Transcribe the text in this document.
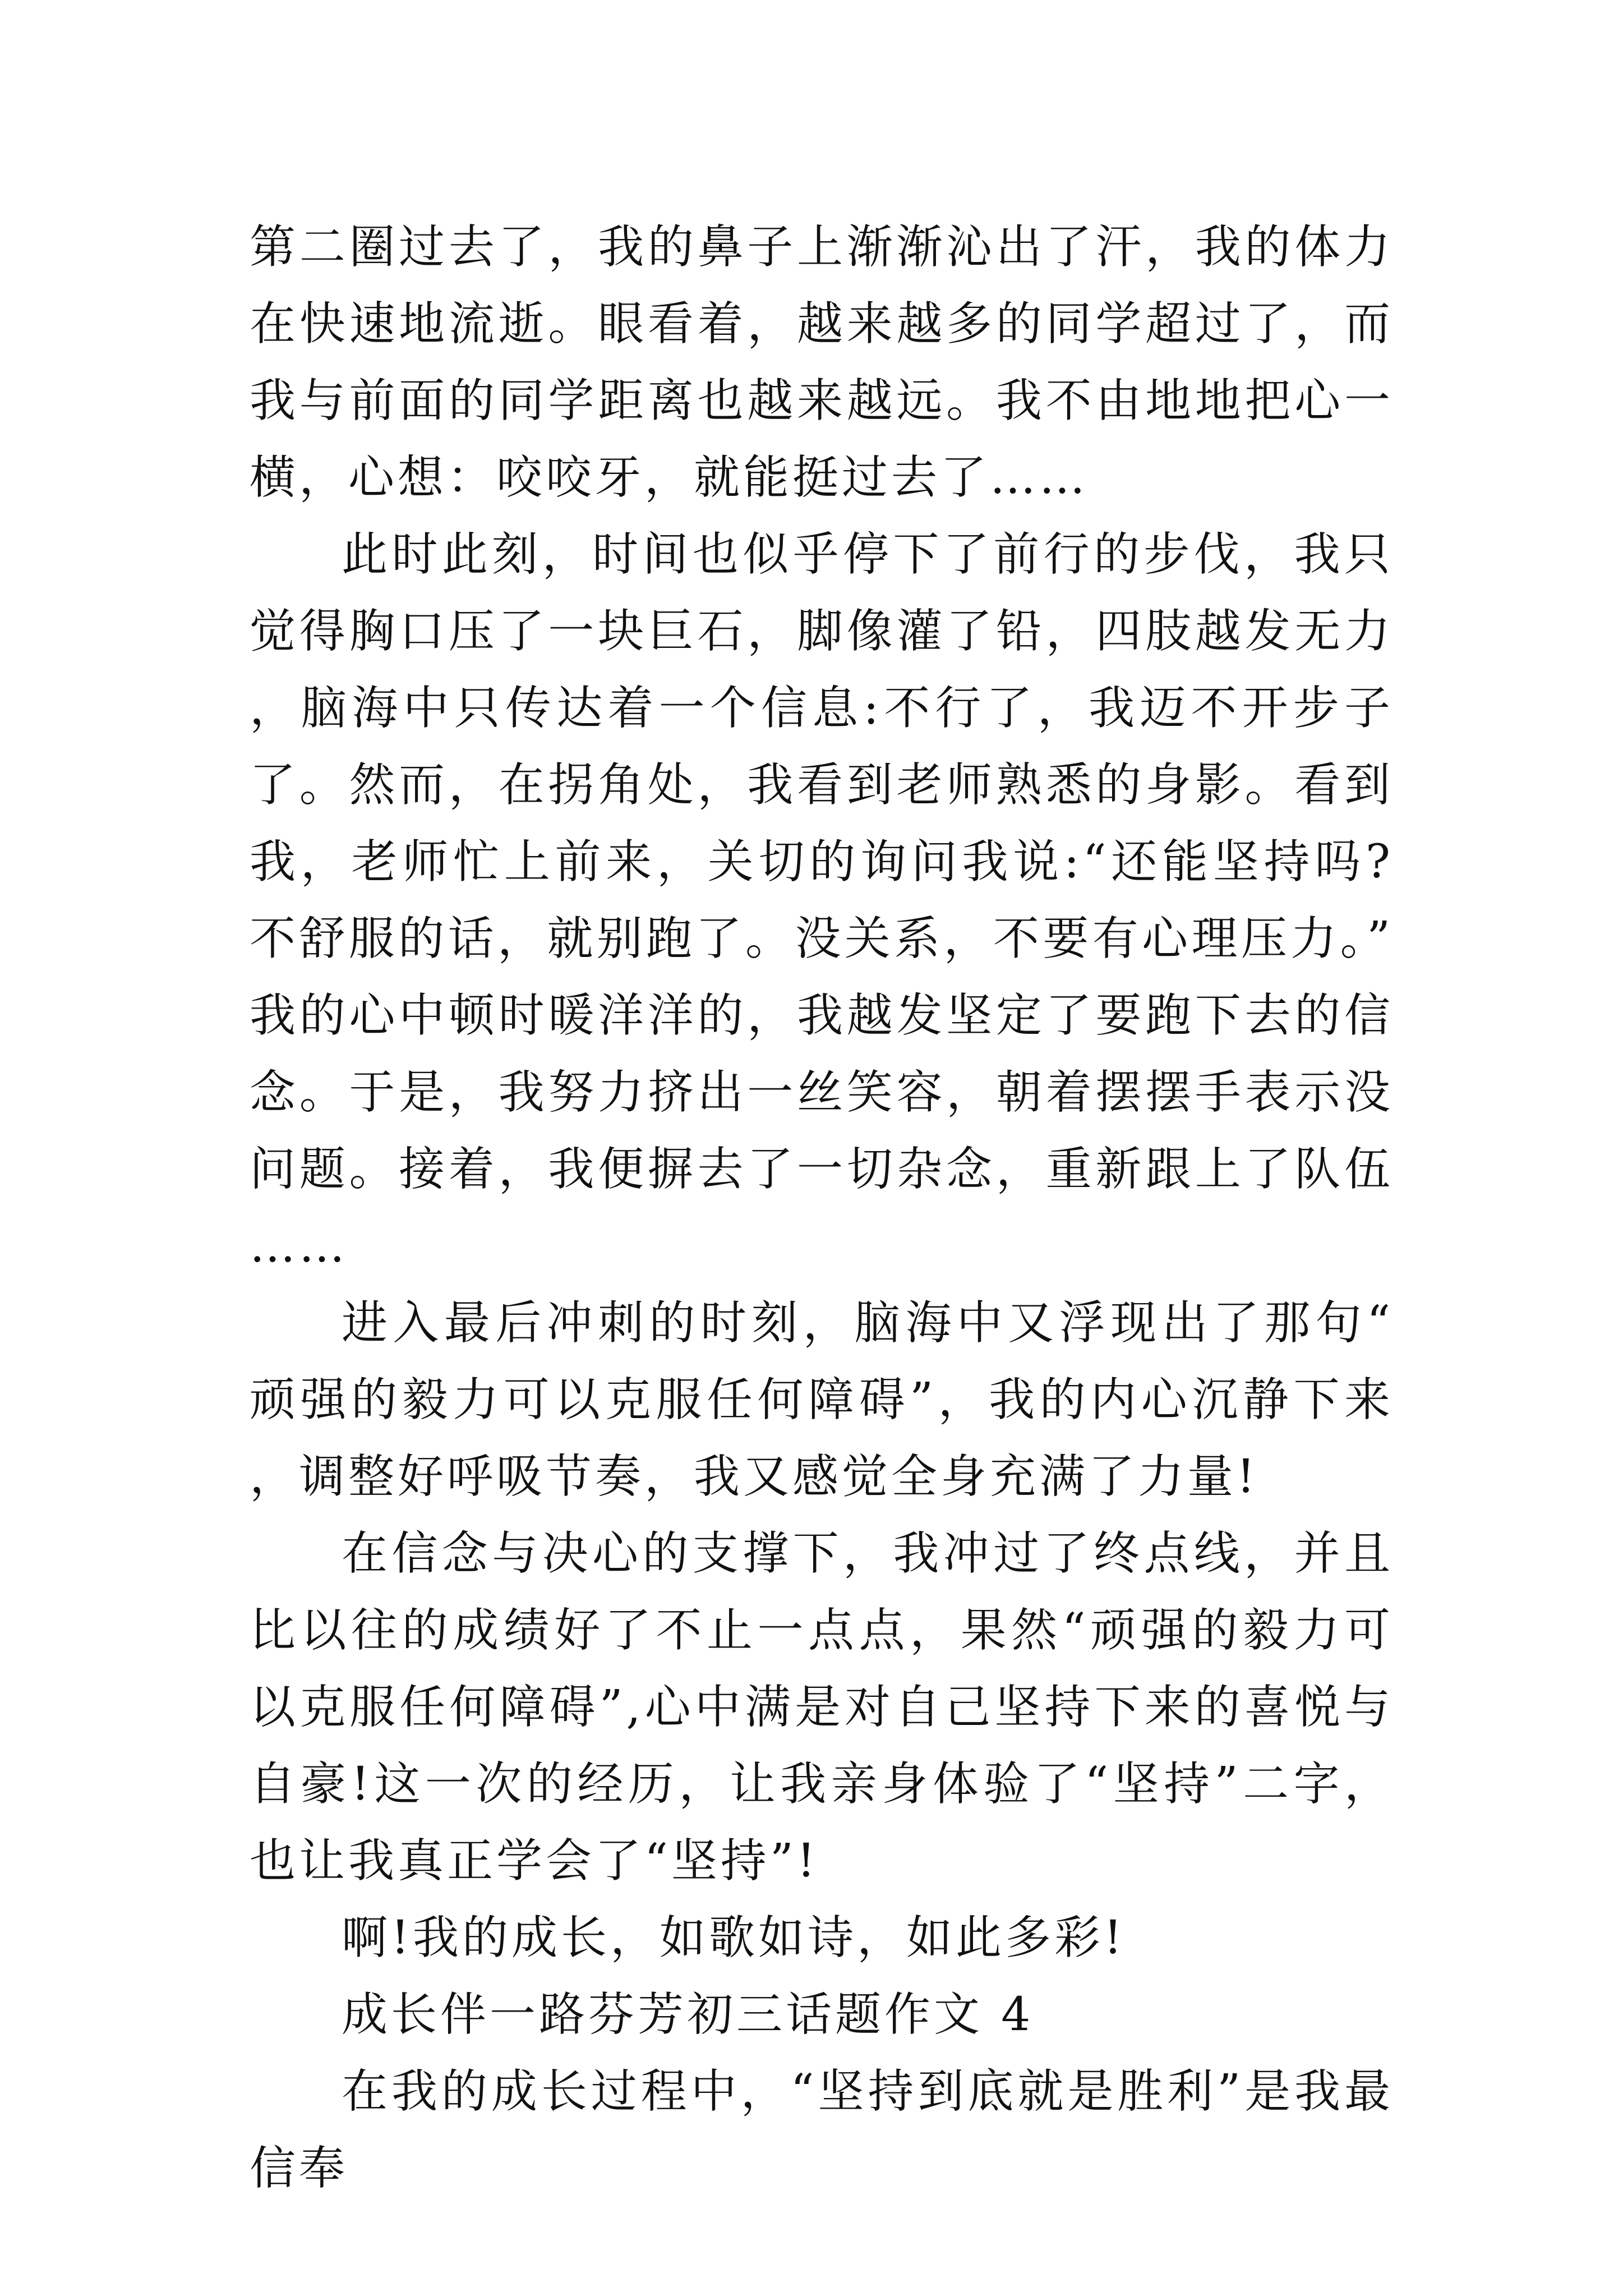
第二圈过去了，我的鼻子上渐渐沁出了汗，我的体力在快速地流逝。眼看着，越来越多的同学超过了，而我与前面的同学距离也越来越远。我不由地地把心一横，心想：咬咬牙，就能挺过去了……

此时此刻，时间也似乎停下了前行的步伐，我只觉得胸口压了一块巨石，脚像灌了铅，四肢越发无力，脑海中只传达着一个信息:不行了，我迈不开步子了。然而，在拐角处，我看到老师熟悉的身影。看到我，老师忙上前来，关切的询问我说:“还能坚持吗?不舒服的话，就别跑了。没关系，不要有心理压力。”我的心中顿时暖洋洋的，我越发坚定了要跑下去的信念。于是，我努力挤出一丝笑容，朝着摆摆手表示没问题。接着，我便摒去了一切杂念，重新跟上了队伍……

进入最后冲刺的时刻，脑海中又浮现出了那句“顽强的毅力可以克服任何障碍”，我的内心沉静下来，调整好呼吸节奏，我又感觉全身充满了力量!

在信念与决心的支撑下，我冲过了终点线，并且比以往的成绩好了不止一点点，果然“顽强的毅力可以克服任何障碍”,心中满是对自己坚持下来的喜悦与自豪!这一次的经历，让我亲身体验了“坚持”二字，也让我真正学会了“坚持”!

啊!我的成长，如歌如诗，如此多彩!

成长伴一路芬芳初三话题作文 4

在我的成长过程中，“坚持到底就是胜利”是我最信奉
